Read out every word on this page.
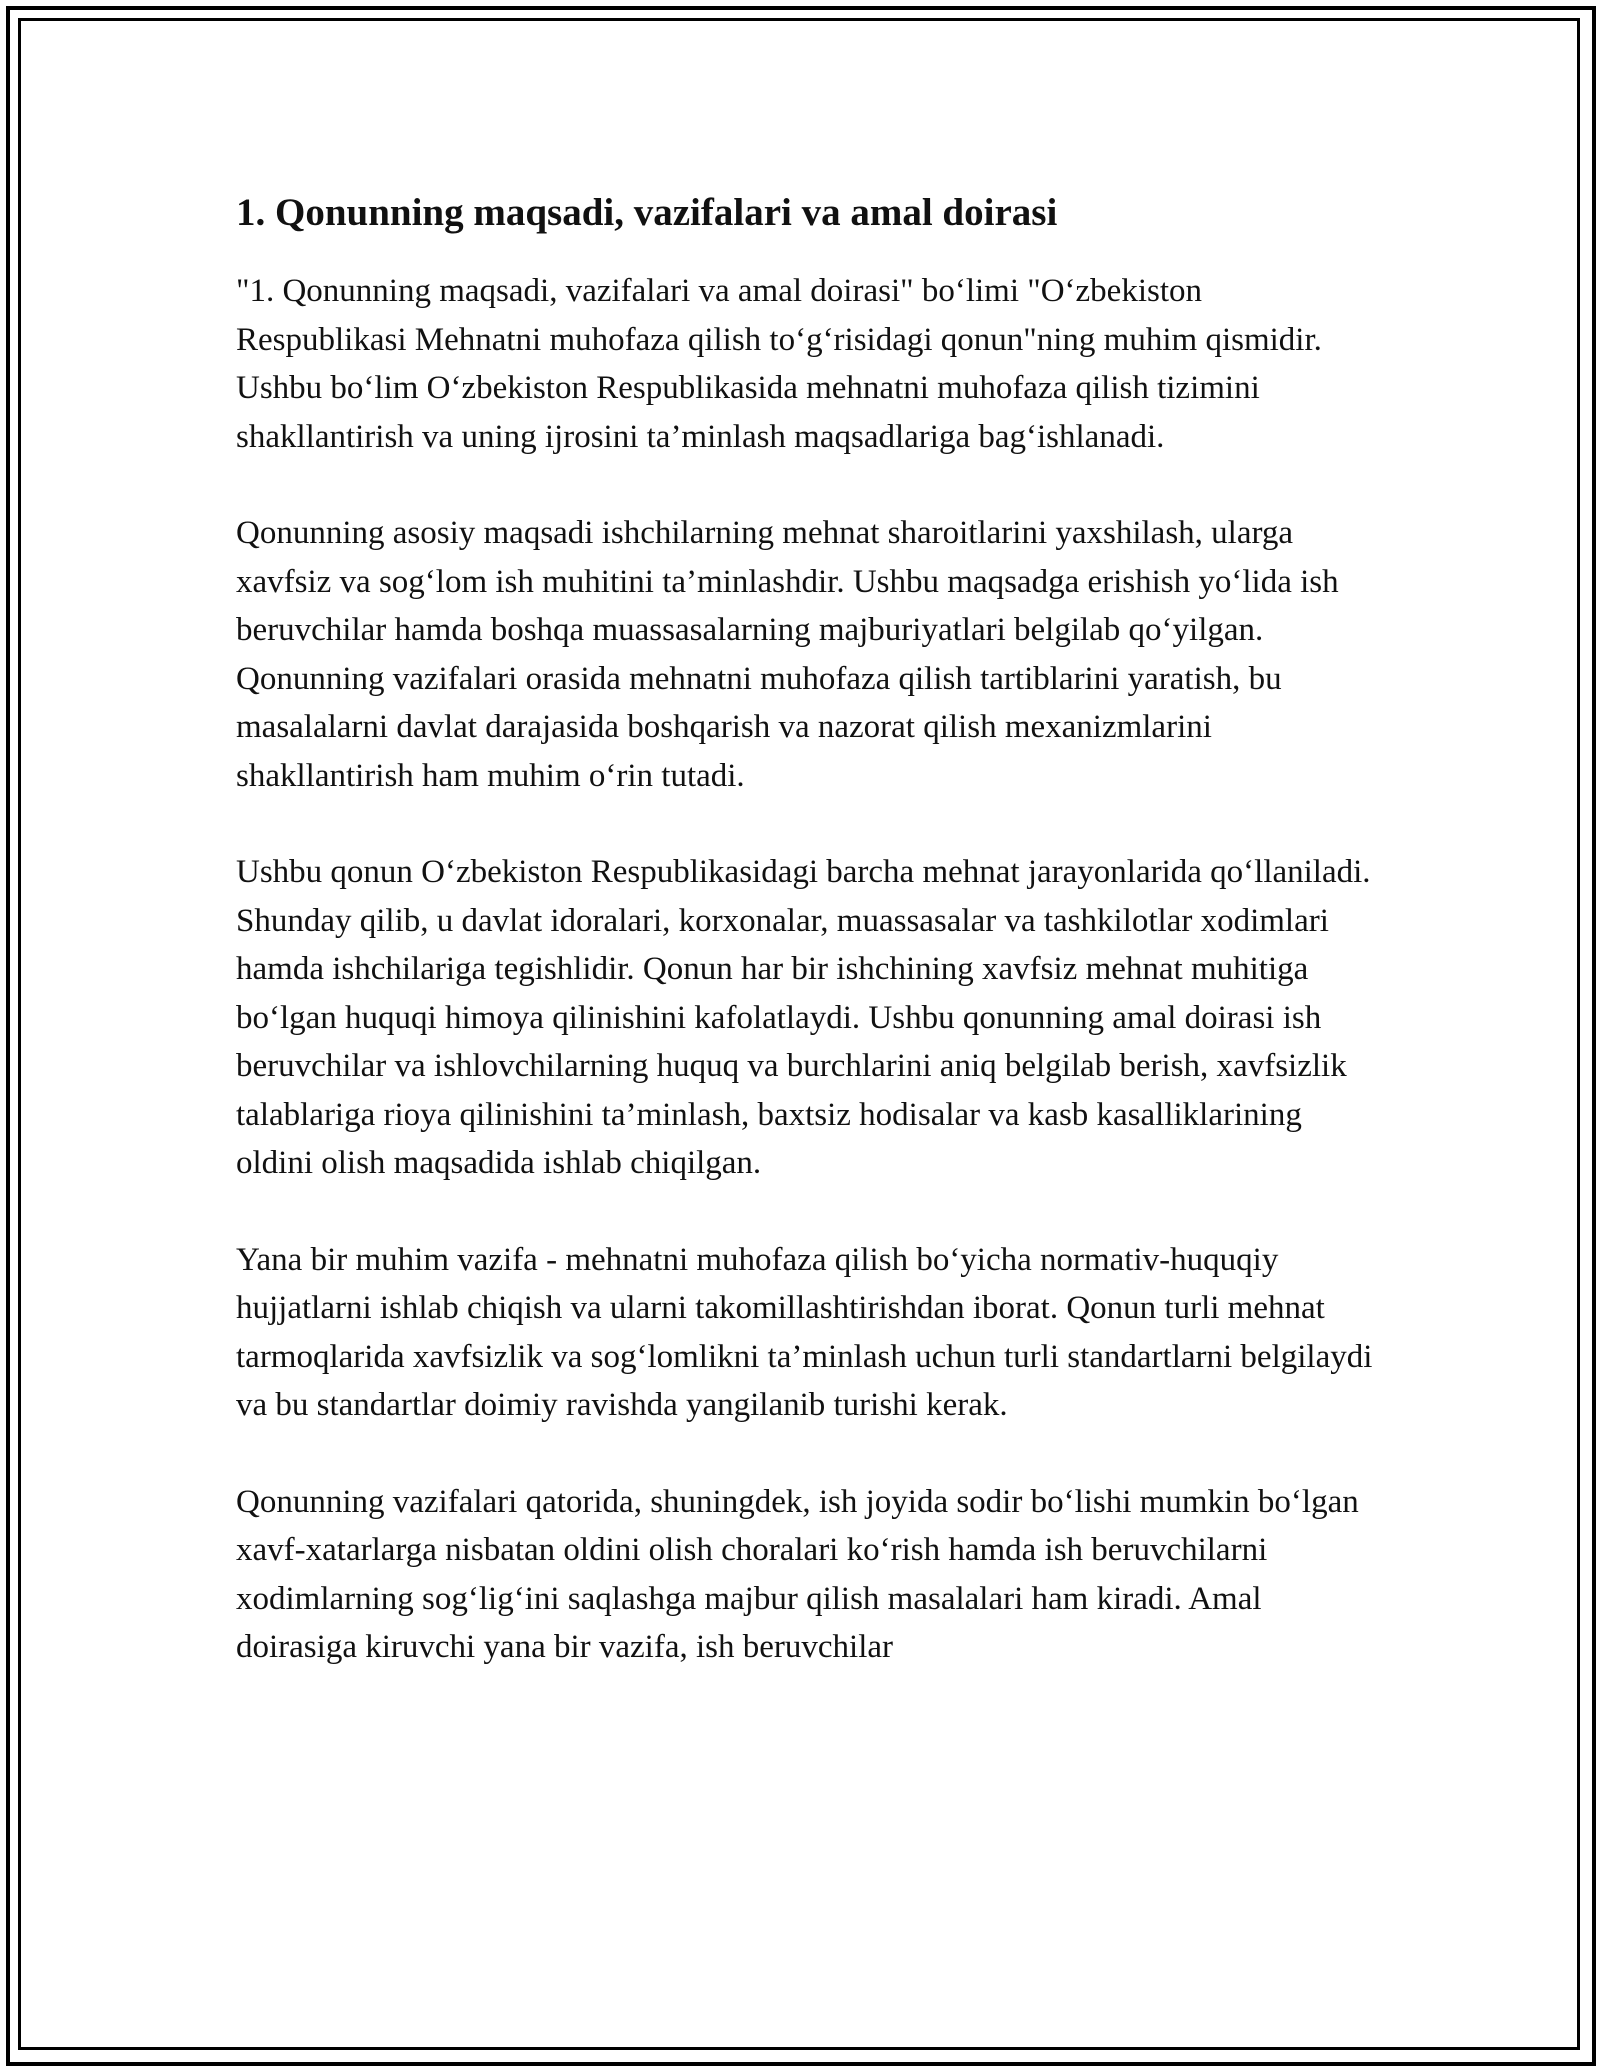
1. Qonunning maqsadi, vazifalari va amal doirasi

"1. Qonunning maqsadi, vazifalari va amal doirasi" bo‘limi "O‘zbekiston Respublikasi Mehnatni muhofaza qilish to‘g‘risidagi qonun"ning muhim qismidir. Ushbu bo‘lim O‘zbekiston Respublikasida mehnatni muhofaza qilish tizimini shakllantirish va uning ijrosini ta’minlash maqsadlariga bag‘ishlanadi.

Qonunning asosiy maqsadi ishchilarning mehnat sharoitlarini yaxshilash, ularga xavfsiz va sog‘lom ish muhitini ta’minlashdir. Ushbu maqsadga erishish yo‘lida ish beruvchilar hamda boshqa muassasalarning majburiyatlari belgilab qo‘yilgan. Qonunning vazifalari orasida mehnatni muhofaza qilish tartiblarini yaratish, bu masalalarni davlat darajasida boshqarish va nazorat qilish mexanizmlarini shakllantirish ham muhim o‘rin tutadi.

Ushbu qonun O‘zbekiston Respublikasidagi barcha mehnat jarayonlarida qo‘llaniladi. Shunday qilib, u davlat idoralari, korxonalar, muassasalar va tashkilotlar xodimlari hamda ishchilariga tegishlidir. Qonun har bir ishchining xavfsiz mehnat muhitiga bo‘lgan huquqi himoya qilinishini kafolatlaydi. Ushbu qonunning amal doirasi ish beruvchilar va ishlovchilarning huquq va burchlarini aniq belgilab berish, xavfsizlik talablariga rioya qilinishini ta’minlash, baxtsiz hodisalar va kasb kasalliklarining oldini olish maqsadida ishlab chiqilgan.

Yana bir muhim vazifa - mehnatni muhofaza qilish bo‘yicha normativ-huquqiy hujjatlarni ishlab chiqish va ularni takomillashtirishdan iborat. Qonun turli mehnat tarmoqlarida xavfsizlik va sog‘lomlikni ta’minlash uchun turli standartlarni belgilaydi va bu standartlar doimiy ravishda yangilanib turishi kerak.

Qonunning vazifalari qatorida, shuningdek, ish joyida sodir bo‘lishi mumkin bo‘lgan xavf-xatarlarga nisbatan oldini olish choralari ko‘rish hamda ish beruvchilarni xodimlarning sog‘lig‘ini saqlashga majbur qilish masalalari ham kiradi. Amal doirasiga kiruvchi yana bir vazifa, ish beruvchilar
